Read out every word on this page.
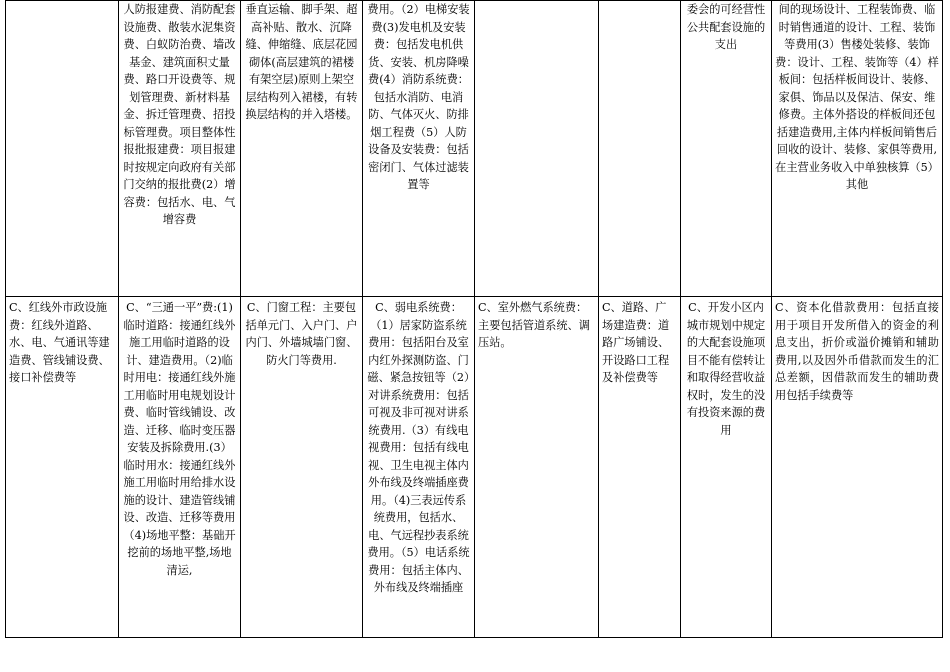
	人防报建费、消防配套设施费、散装水泥集资费、白蚁防治费、墙改基金、建筑面积丈量费、路口开设费等、规划管理费、新材料基金、拆迁管理费、招投标管理费。项目整体性报批报建费：项目报建时按规定向政府有关部门交纳的报批费(2）增容费：包括水、电、气增容费	垂直运输、脚手架、超高补贴、散水、沉降缝、伸缩缝、底层花园砌体(高层建筑的裙楼有架空层)原则上架空层结构列入裙楼，有转换层结构的并入塔楼。	费用。（2）电梯安装费(3)发电机及安装费：包括发电机供货、安装、机房降噪费(4）消防系统费：包括水消防、电消防、气体灭火、防排烟工程费（5）人防设备及安装费：包括密闭门、气体过滤装置等			委会的可经营性公共配套设施的支出	间的现场设计、工程装饰费、临时销售通道的设计、工程、装饰等费用(3）售楼处装修、装饰费：设计、工程、装饰等（4）样板间：包括样板间设计、装修、家俱、饰品以及保洁、保安、维修费。主体外搭设的样板间还包括建造费用,主体内样板间销售后回收的设计、装修、家俱等费用,在主营业务收入中单独核算（5）其他
C、红线外市政设施费：红线外道路、水、电、气通讯等建造费、管线铺设费、接口补偿费等	C、“三通一平”费:(1)临时道路：接通红线外施工用临时道路的设计、建造费用。（2)临时用电：接通红线外施工用临时用电规划设计费、临时管线铺设、改造、迁移、临时变压器安装及拆除费用.(3）临时用水：接通红线外施工用临时用给排水设施的设计、建造管线铺设、改造、迁移等费用（4)场地平整：基础开挖前的场地平整,场地清运,	C、门窗工程：主要包括单元门、入户门、户内门、外墙城墙门窗、防火门等费用.	C、弱电系统费：（1）居家防盗系统费用：包括阳台及室内红外探测防盗、门磁、紧急按钮等（2）对讲系统费用：包括可视及非可视对讲系统费用.（3）有线电视费用：包括有线电视、卫生电视主体内外布线及终端插座费用。（4)三表远传系统费用，包括水、电、气远程抄表系统费用。（5）电话系统费用：包括主体内、外布线及终端插座	C、室外燃气系统费：主要包括管道系统、调压站。	C、道路、广场建造费：道路广场铺设、开设路口工程及补偿费等	C、开发小区内城市规划中规定的大配套设施项目不能有偿转让和取得经营收益权时，发生的没有投资来源的费用	C、资本化借款费用：包括直接用于项目开发所借入的资金的利息支出，折价或溢价摊销和辅助费用,以及因外币借款而发生的汇总差额，因借款而发生的辅助费用包括手续费等
